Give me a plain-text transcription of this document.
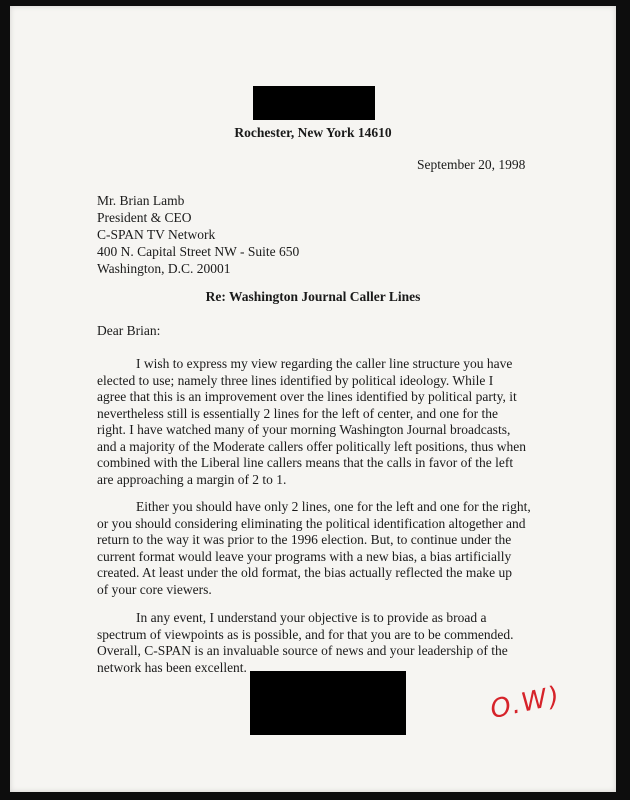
Rochester, New York 14610
September 20, 1998
Mr. Brian Lamb
President & CEO
C-SPAN TV Network
400 N. Capital Street NW - Suite 650
Washington, D.C. 20001
Re: Washington Journal Caller Lines
Dear Brian:
I wish to express my view regarding the caller line structure you have
elected to use; namely three lines identified by political ideology. While I
agree that this is an improvement over the lines identified by political party, it
nevertheless still is essentially 2 lines for the left of center, and one for the
right. I have watched many of your morning Washington Journal broadcasts,
and a majority of the Moderate callers offer politically left positions, thus when
combined with the Liberal line callers means that the calls in favor of the left
are approaching a margin of 2 to 1.
Either you should have only 2 lines, one for the left and one for the right,
or you should considering eliminating the political identification altogether and
return to the way it was prior to the 1996 election. But, to continue under the
current format would leave your programs with a new bias, a bias artificially
created. At least under the old format, the bias actually reflected the make up
of your core viewers.
In any event, I understand your objective is to provide as broad a
spectrum of viewpoints as is possible, and for that you are to be commended.
Overall, C-SPAN is an invaluable source of news and your leadership of the
network has been excellent.
O.W)
